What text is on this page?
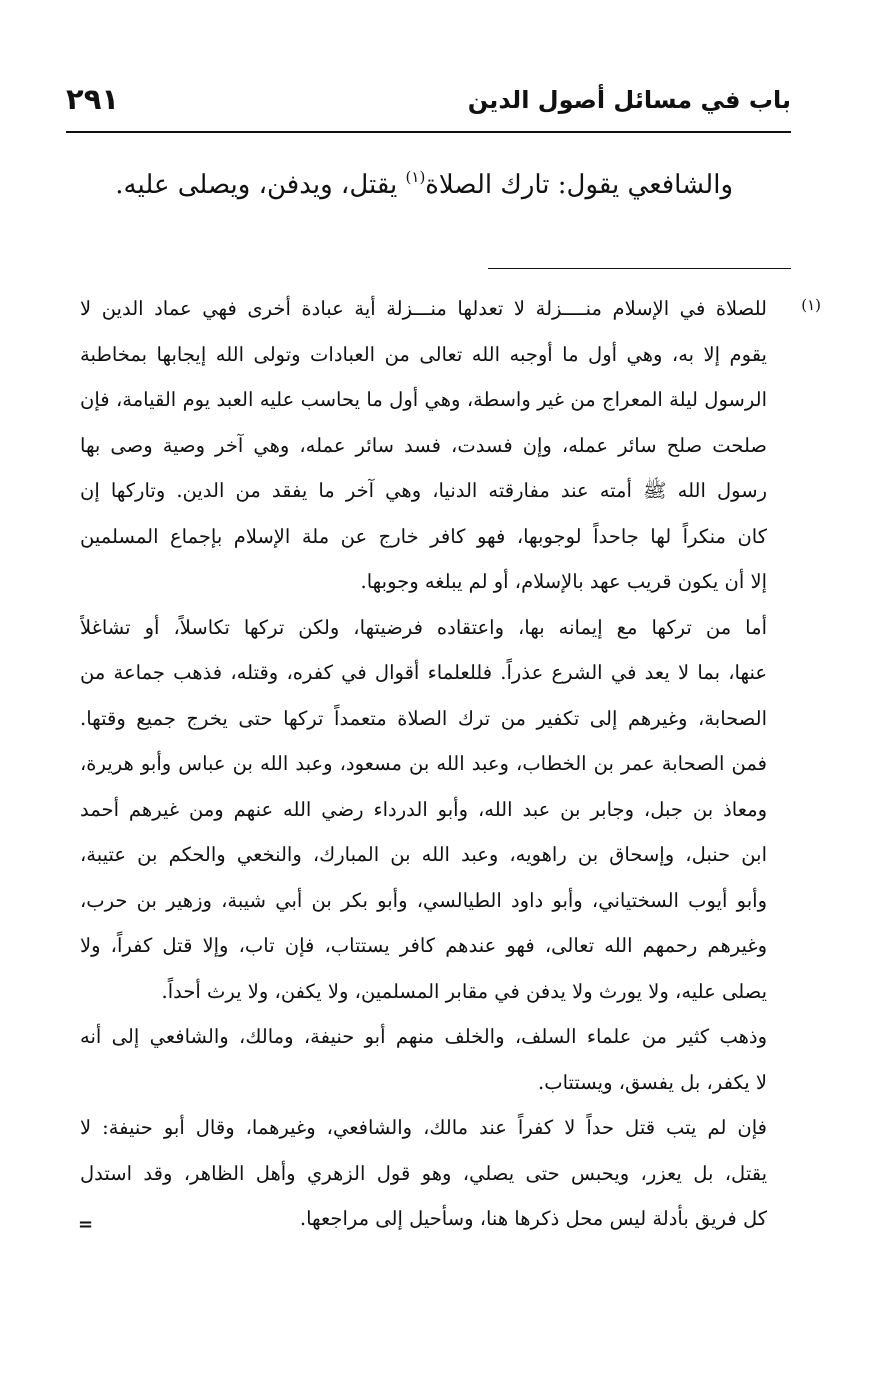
باب في مسائل أصول الدين
٢٩١
والشافعي يقول: تارك الصلاة$^{(١)}$ يقتل، ويدفن، ويصلى عليه.
(١)
للصلاة في الإسلام منــــزلة لا تعدلها منـــزلة أية عبادة أخرى فهي عماد الدين لا
يقوم إلا به، وهي أول ما أوجبه الله تعالى من العبادات وتولى الله إيجابها بمخاطبة
الرسول ليلة المعراج من غير واسطة، وهي أول ما يحاسب عليه العبد يوم القيامة، فإن
صلحت صلح سائر عمله، وإن فسدت، فسد سائر عمله، وهي آخر وصية وصى بها
رسول الله ﷺ أمته عند مفارقته الدنيا، وهي آخر ما يفقد من الدين. وتاركها إن
كان منكراً لها جاحداً لوجوبها، فهو كافر خارج عن ملة الإسلام بإجماع المسلمين
إلا أن يكون قريب عهد بالإسلام، أو لم يبلغه وجوبها.
أما من تركها مع إيمانه بها، واعتقاده فرضيتها، ولكن تركها تكاسلاً، أو تشاغلاً
عنها، بما لا يعد في الشرع عذراً. فللعلماء أقوال في كفره، وقتله، فذهب جماعة من
الصحابة، وغيرهم إلى تكفير من ترك الصلاة متعمداً تركها حتى يخرج جميع وقتها.
فمن الصحابة عمر بن الخطاب، وعبد الله بن مسعود، وعبد الله بن عباس وأبو هريرة،
ومعاذ بن جبل، وجابر بن عبد الله، وأبو الدرداء رضي الله عنهم ومن غيرهم أحمد
ابن حنبل، وإسحاق بن راهويه، وعبد الله بن المبارك، والنخعي والحكم بن عتيبة،
وأبو أيوب السختياني، وأبو داود الطيالسي، وأبو بكر بن أبي شيبة، وزهير بن حرب،
وغيرهم رحمهم الله تعالى، فهو عندهم كافر يستتاب، فإن تاب، وإلا قتل كفراً، ولا
يصلى عليه، ولا يورث ولا يدفن في مقابر المسلمين، ولا يكفن، ولا يرث أحداً.
وذهب كثير من علماء السلف، والخلف منهم أبو حنيفة، ومالك، والشافعي إلى أنه
لا يكفر، بل يفسق، ويستتاب.
فإن لم يتب قتل حداً لا كفراً عند مالك، والشافعي، وغيرهما، وقال أبو حنيفة: لا
يقتل، بل يعزر، ويحبس حتى يصلي، وهو قول الزهري وأهل الظاهر، وقد استدل
كل فريق بأدلة ليس محل ذكرها هنا، وسأحيل إلى مراجعها.
=
